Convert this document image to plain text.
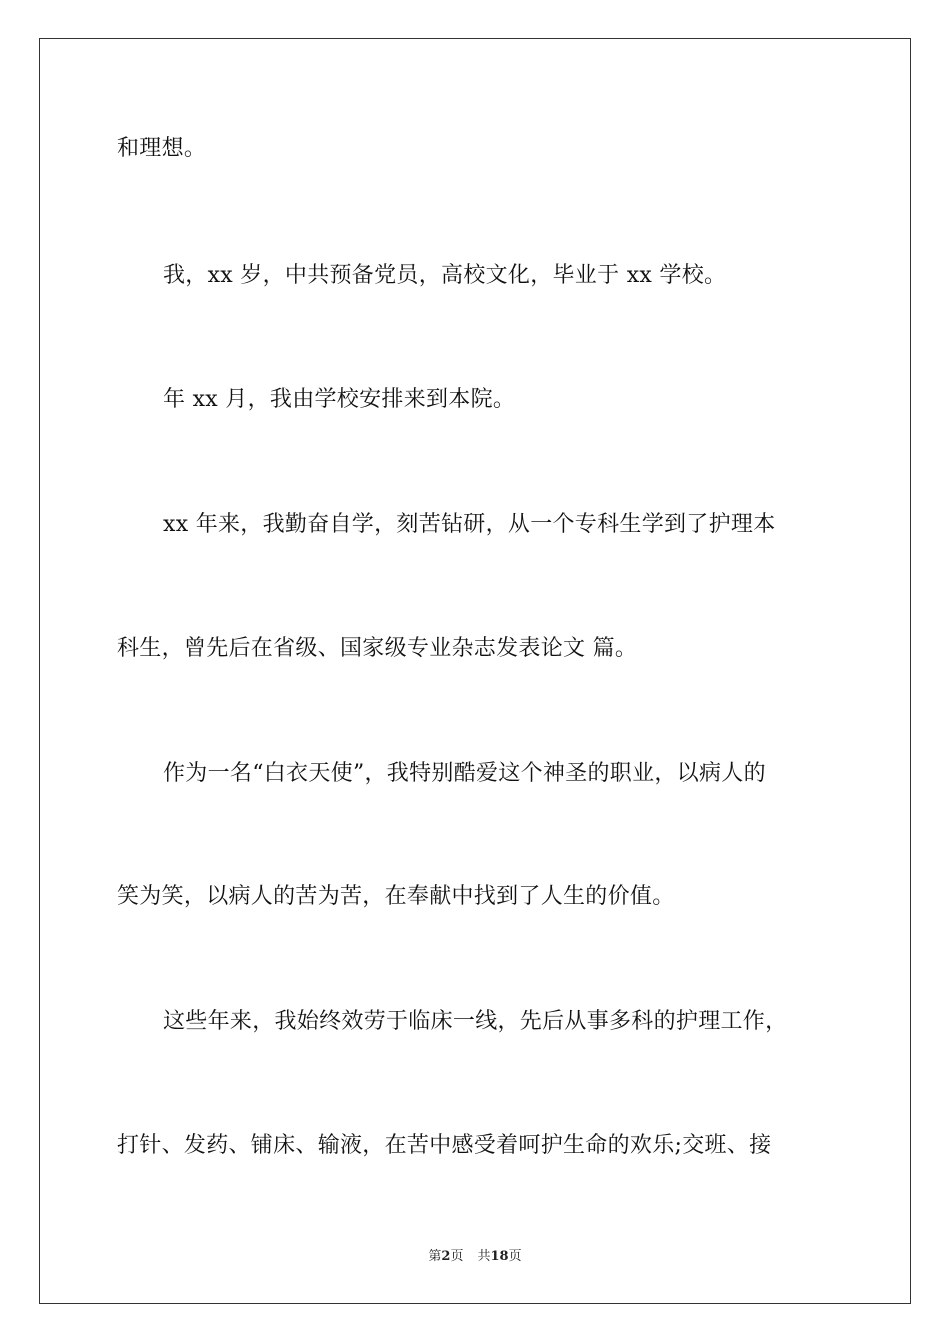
和理想。
我，xx 岁，中共预备党员，高校文化，毕业于 xx 学校。
年 xx 月，我由学校安排来到本院。
xx 年来，我勤奋自学，刻苦钻研，从一个专科生学到了护理本
科生，曾先后在省级、国家级专业杂志发表论文 篇。
作为一名“白衣天使”，我特别酷爱这个神圣的职业，以病人的
笑为笑，以病人的苦为苦，在奉献中找到了人生的价值。
这些年来，我始终效劳于临床一线，先后从事多科的护理工作，
打针、发药、铺床、输液，在苦中感受着呵护生命的欢乐;交班、接
第2页 共18页
